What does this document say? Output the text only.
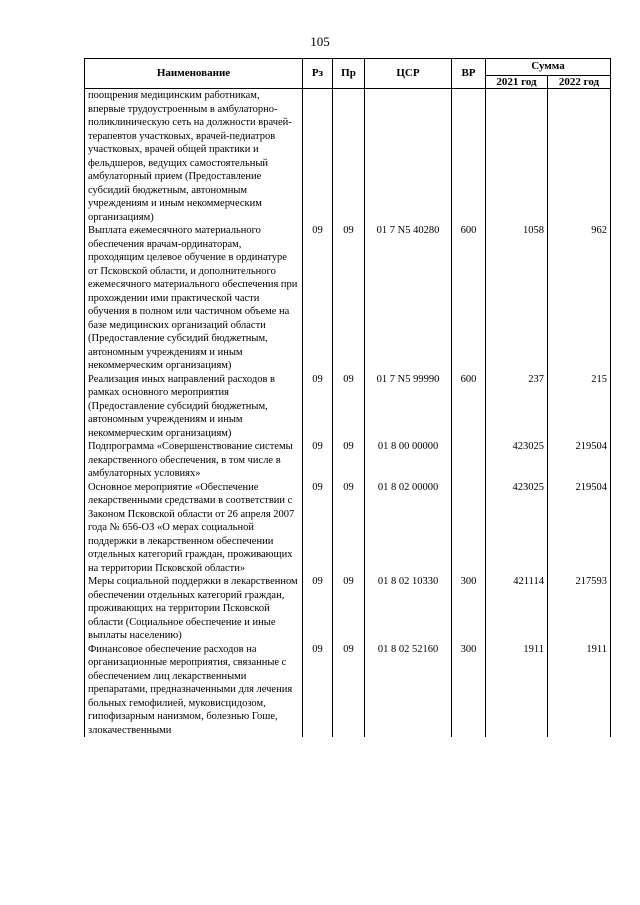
105
Наименование	Рз	Пр	ЦСР	ВР	Сумма	
					2021 год	2022 год
поощрения медицинским работникам, впервые трудоустроенным в амбулаторно-поликлиническую сеть на должности врачей-терапевтов участковых, врачей-педиатров участковых, врачей общей практики и фельдшеров, ведущих самостоятельный амбулаторный прием (Предоставление субсидий бюджетным, автономным учреждениям и иным некоммерческим организациям)						
Выплата ежемесячного материального обеспечения врачам-ординаторам, проходящим целевое обучение в ординатуре от Псковской области, и дополнительного ежемесячного материального обеспечения при прохождении ими практической части обучения в полном или частичном объеме на базе медицинских организаций области (Предоставление субсидий бюджетным, автономным учреждениям и иным некоммерческим организациям)	09	09	01 7 N5 40280	600	1058	962
Реализация иных направлений расходов в рамках основного мероприятия (Предоставление субсидий бюджетным, автономным учреждениям и иным некоммерческим организациям)	09	09	01 7 N5 99990	600	237	215
Подпрограмма «Совершенствование системы лекарственного обеспечения, в том числе в амбулаторных условиях»	09	09	01 8 00 00000		423025	219504
Основное мероприятие «Обеспечение лекарственными средствами в соответствии с Законом Псковской области от 26 апреля 2007 года № 656-ОЗ «О мерах социальной поддержки в лекарственном обеспечении отдельных категорий граждан, проживающих на территории Псковской области»	09	09	01 8 02 00000		423025	219504
Меры социальной поддержки в лекарственном обеспечении отдельных категорий граждан, проживающих на территории Псковской области (Социальное обеспечение и иные выплаты населению)	09	09	01 8 02 10330	300	421114	217593
Финансовое обеспечение расходов на организационные мероприятия, связанные с обеспечением лиц лекарственными препаратами, предназначенными для лечения больных гемофилией, муковисцидозом, гипофизарным нанизмом, болезнью Гоше, злокачественными	09	09	01 8 02 52160	300	1911	1911
